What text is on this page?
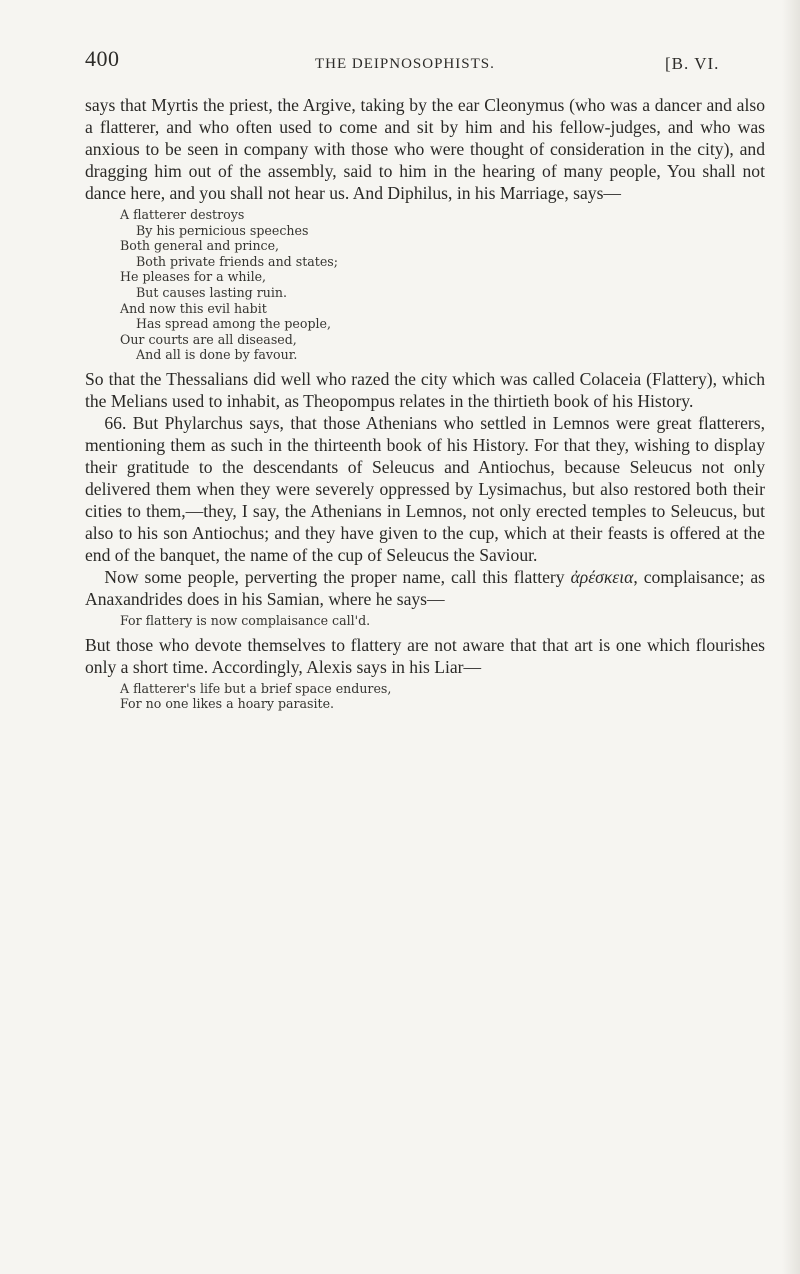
400	THE DEIPNOSOPHISTS.	[B. VI.

says that Myrtis the priest, the Argive, taking by the ear Cleonymus (who was a dancer and also a flatterer, and who often used to come and sit by him and his fellow-judges, and who was anxious to be seen in company with those who were thought of consideration in the city), and dragging him out of the assembly, said to him in the hearing of many people, You shall not dance here, and you shall not hear us. And Diphilus, in his Marriage, says—

A flatterer destroys
By his pernicious speeches
Both general and prince,
Both private friends and states;
He pleases for a while,
But causes lasting ruin.
And now this evil habit
Has spread among the people,
Our courts are all diseased,
And all is done by favour.

So that the Thessalians did well who razed the city which was called Colaceia (Flattery), which the Melians used to inhabit, as Theopompus relates in the thirtieth book of his History.

66. But Phylarchus says, that those Athenians who settled in Lemnos were great flatterers, mentioning them as such in the thirteenth book of his History. For that they, wishing to display their gratitude to the descendants of Seleucus and Antiochus, because Seleucus not only delivered them when they were severely oppressed by Lysimachus, but also restored both their cities to them,—they, I say, the Athenians in Lemnos, not only erected temples to Seleucus, but also to his son Antiochus; and they have given to the cup, which at their feasts is offered at the end of the banquet, the name of the cup of Seleucus the Saviour.

Now some people, perverting the proper name, call this flattery ἀρέσκεια, complaisance; as Anaxandrides does in his Samian, where he says—

For flattery is now complaisance call'd.

But those who devote themselves to flattery are not aware that that art is one which flourishes only a short time. Accordingly, Alexis says in his Liar—

A flatterer's life but a brief space endures,
For no one likes a hoary parasite.
